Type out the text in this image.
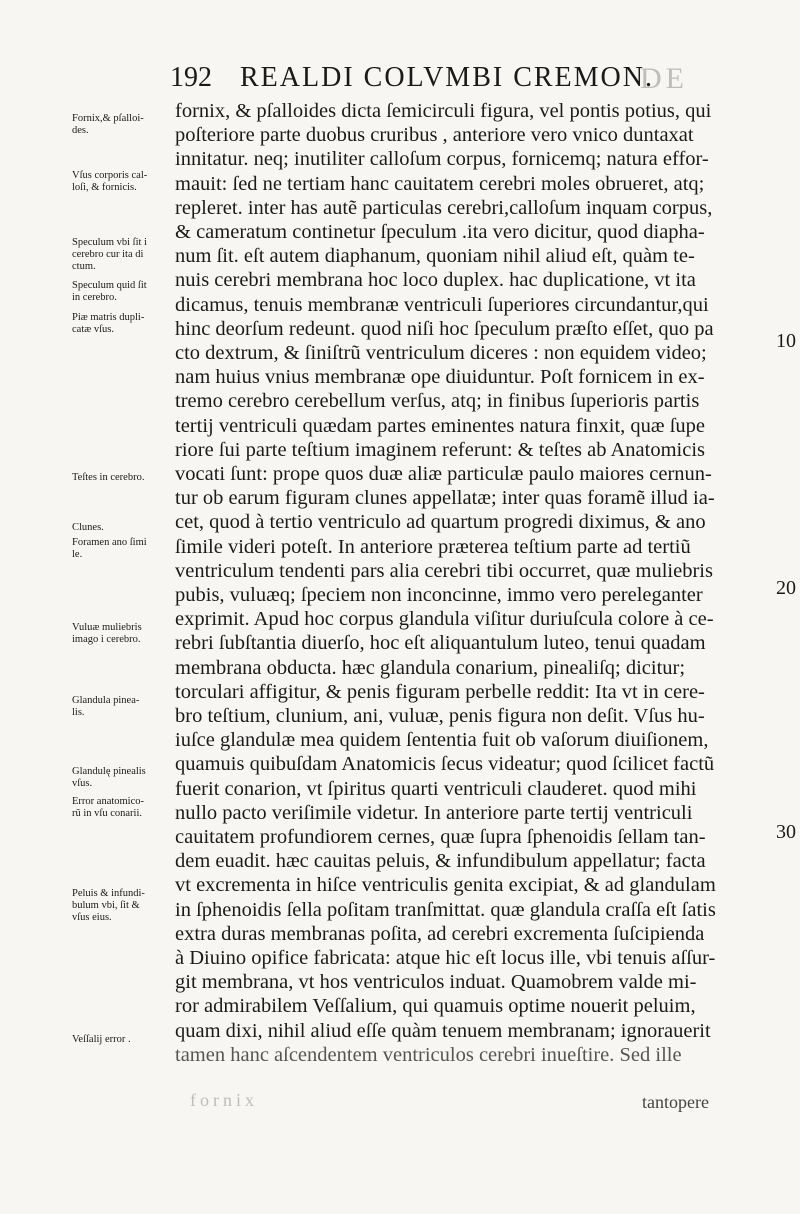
DE
fornix
192 REALDI COLVMBI CREMON.
Fornix,& pſalloi-
des.
Vſus corporis cal-
loſi, & fornicis.
Speculum vbi ſit i
cerebro cur ita di
ctum.
Speculum quid ſit
in cerebro.
Piæ matris dupli-
catæ vſus.
Teſtes in cerebro.
Clunes.
Foramen ano ſimi
le.
Vuluæ muliebris
imago i cerebro.
Glandula pinea-
lis.
Glandulę pinealis
vſus.
Error anatomico-
rũ in vſu conarii.
Peluis & infundi-
bulum vbi, ſit &
vſus eius.
Veſſalij error .
fornix, & pſalloides dicta ſemicirculi figura, vel pontis potius, qui
poſteriore parte duobus cruribus , anteriore vero vnico duntaxat
innitatur. neq; inutiliter calloſum corpus, fornicemq; natura effor-
mauit: ſed ne tertiam hanc cauitatem cerebri moles obrueret, atq;
repleret. inter has autẽ particulas cerebri,calloſum inquam corpus,
& cameratum continetur ſpeculum .ita vero dicitur, quod diapha-
num ſit. eſt autem diaphanum, quoniam nihil aliud eſt, quàm te-
nuis cerebri membrana hoc loco duplex. hac duplicatione, vt ita
dicamus, tenuis membranæ ventriculi ſuperiores circundantur,qui
hinc deorſum redeunt. quod niſi hoc ſpeculum præſto eſſet, quo pa
cto dextrum, & ſiniſtrũ ventriculum diceres : non equidem video;
nam huius vnius membranæ ope diuiduntur. Poſt fornicem in ex-
tremo cerebro cerebellum verſus, atq; in finibus ſuperioris partis
tertij ventriculi quædam partes eminentes natura finxit, quæ ſupe
riore ſui parte teſtium imaginem referunt: & teſtes ab Anatomicis
vocati ſunt: prope quos duæ aliæ particulæ paulo maiores cernun-
tur ob earum figuram clunes appellatæ; inter quas foramẽ illud ia-
cet, quod à tertio ventriculo ad quartum progredi diximus, & ano
ſimile videri poteſt. In anteriore præterea teſtium parte ad tertiũ
ventriculum tendenti pars alia cerebri tibi occurret, quæ muliebris
pubis, vuluæq; ſpeciem non inconcinne, immo vero pereleganter
exprimit. Apud hoc corpus glandula viſitur duriuſcula colore à ce-
rebri ſubſtantia diuerſo, hoc eſt aliquantulum luteo, tenui quadam
membrana obducta. hæc glandula conarium, pinealiſq; dicitur;
torculari affigitur, & penis figuram perbelle reddit: Ita vt in cere-
bro teſtium, clunium, ani, vuluæ, penis figura non deſit. Vſus hu-
iuſce glandulæ mea quidem ſententia fuit ob vaſorum diuiſionem,
quamuis quibuſdam Anatomicis ſecus videatur; quod ſcilicet factũ
fuerit conarion, vt ſpiritus quarti ventriculi clauderet. quod mihi
nullo pacto veriſimile videtur. In anteriore parte tertij ventriculi
cauitatem profundiorem cernes, quæ ſupra ſphenoidis ſellam tan-
dem euadit. hæc cauitas peluis, & infundibulum appellatur; facta
vt excrementa in hiſce ventriculis genita excipiat, & ad glandulam
in ſphenoidis ſella poſitam tranſmittat. quæ glandula craſſa eſt ſatis
extra duras membranas poſita, ad cerebri excrementa ſuſcipienda
à Diuino opifice fabricata: atque hic eſt locus ille, vbi tenuis aſſur-
git membrana, vt hos ventriculos induat. Quamobrem valde mi-
ror admirabilem Veſſalium, qui quamuis optime nouerit peluim,
quam dixi, nihil aliud eſſe quàm tenuem membranam; ignorauerit
tamen hanc aſcendentem ventriculos cerebri inueſtire. Sed ille
10
20
30
tantopere
